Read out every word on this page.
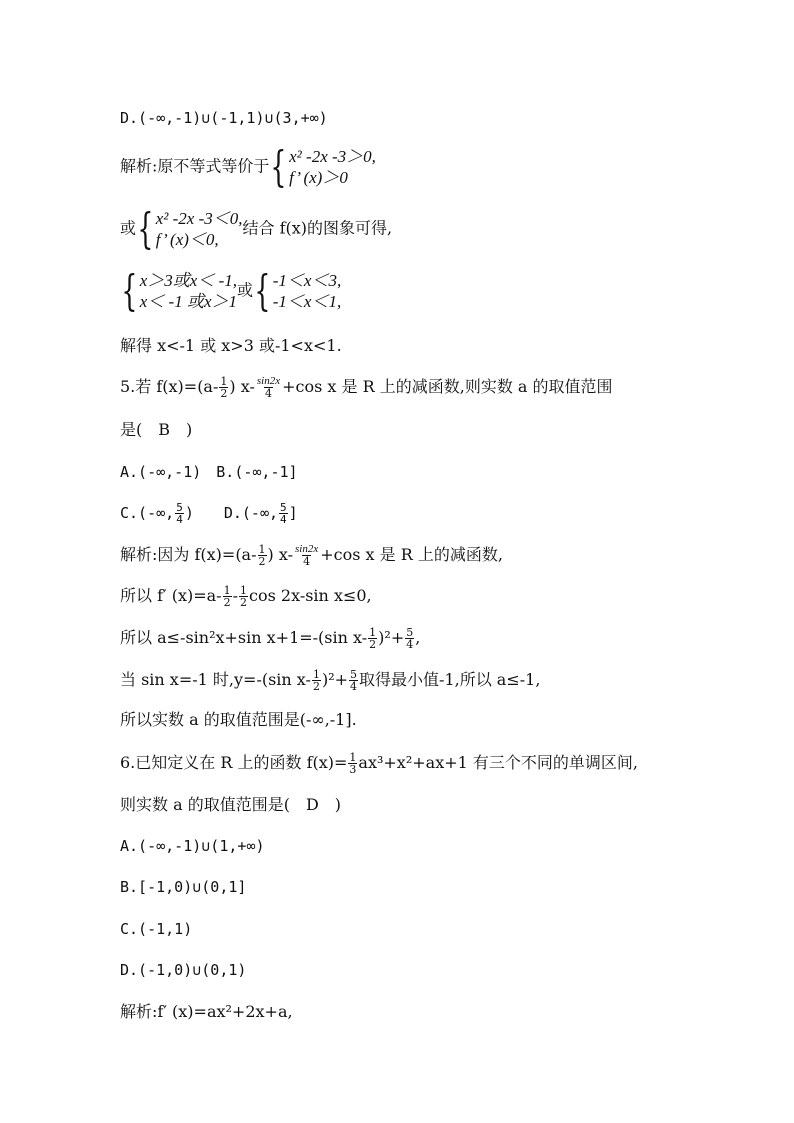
D.(-∞,-1)∪(-1,1)∪(3,+∞)
解析:原不等式等价于{ x² -2x -3＞0,
f’ (x)＞0
或{ x² -2x -3＜0,
f’ (x)＜0,
结合 f(x)的图象可得,
{ x＞3或x＜ -1,
x＜ -1 或x＞1
或{ -1＜x＜3,
-1＜x＜1,
解得 x<-1 或 x>3 或-1<x<1.
5.若 $f(x)=(a- \frac{1}{2}$ ) $x- \frac{\sin 2x}{4} +\cos$ x 是 R 上的减函数,则实数 a 的取值范围
是(　B　)
A.(-∞,-1)　B.(-∞,-1]
C.(-∞, $\frac{5}{4}$ )　　D.(-∞, $\frac{5}{4}$ ]
解析:因为 $f(x)=(a- \frac{1}{2}$ ) $x- \frac{\sin 2x}{4} +\cos$ x 是 R 上的减函数,
所以 f′ $(x)=a- \frac{1}{2} - \frac{1}{2}$ cos 2x-sin x≤0,
所以 a≤-sin²x+sin x+1=-(sin $x- \frac{1}{2} )^2+ \frac{5}{4}$ ,
当 sin x=-1 时,y=-(sin $x- \frac{1}{2} )^2+ \frac{5}{4}$ 取得最小值-1,所以 a≤-1,
所以实数 a 的取值范围是(-∞,-1].
6.已知定义在 R 上的函数 $f(x)= \frac{1}{3} ax^3+x^2+ax+1$ 有三个不同的单调区间,
则实数 a 的取值范围是(　D　)
A.(-∞,-1)∪(1,+∞)
B.[-1,0)∪(0,1]
C.(-1,1)
D.(-1,0)∪(0,1)
解析:f′ (x)=ax²+2x+a,
